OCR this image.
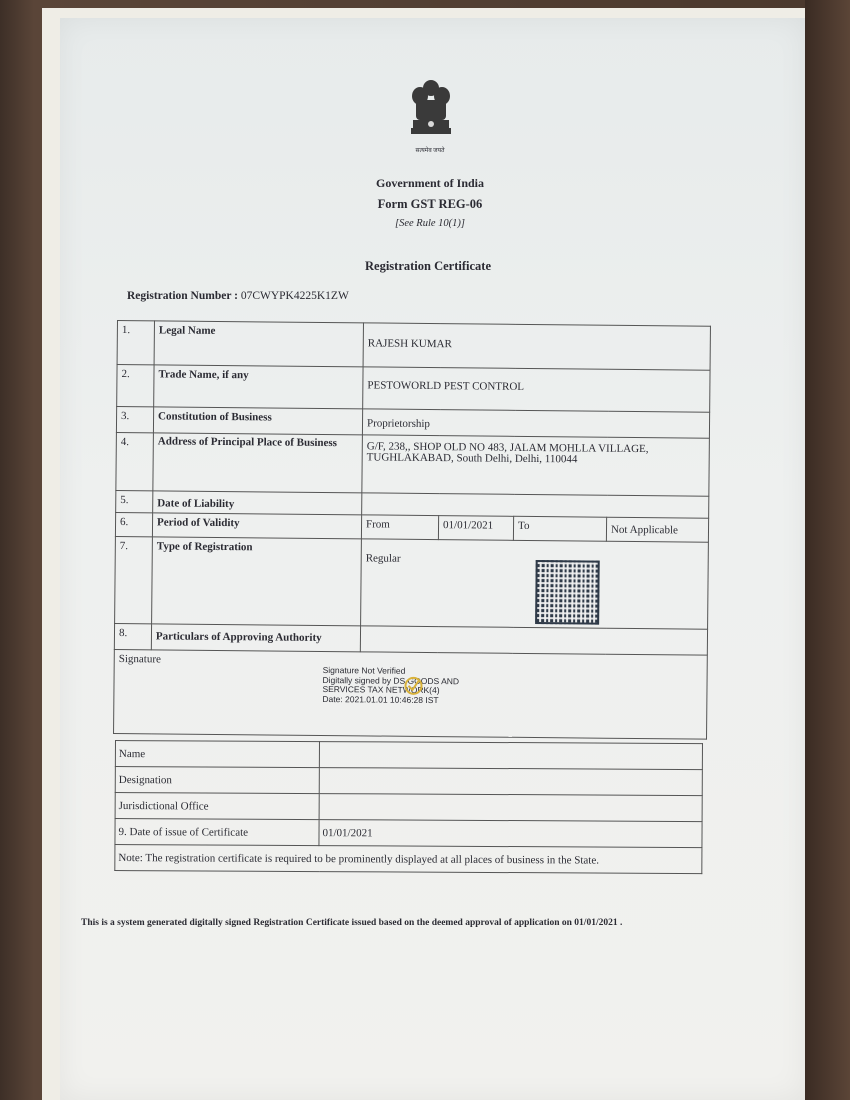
सत्यमेव जयते
Government of India
Form GST REG-06
[See Rule 10(1)]
Registration Certificate
Registration Number : 07CWYPK4225K1ZW
1.	Legal Name	RAJESH KUMAR			
2.	Trade Name, if any	PESTOWORLD PEST CONTROL			
3.	Constitution of Business	Proprietorship			
4.	Address of Principal Place of Business	G/F, 238,, SHOP OLD NO 483, JALAM MOHLLA VILLAGE, TUGHLAKABAD, South Delhi, Delhi, 110044			
5.	Date of Liability				
6.	Period of Validity	From	01/01/2021	To	Not Applicable
7.	Type of Registration	Regular			

8.	Particulars of Approving Authority				

Signature
Signature Not Verified
Digitally signed by DS GOODS AND
SERVICES TAX NETWORK(4)
Date: 2021.01.01 10:46:28 IST					
Name	
Designation	
Jurisdictional Office	
9. Date of issue of Certificate	01/01/2021
Note: The registration certificate is required to be prominently displayed at all places of business in the State.	
This is a system generated digitally signed Registration Certificate issued based on the deemed approval of application on 01/01/2021 .
